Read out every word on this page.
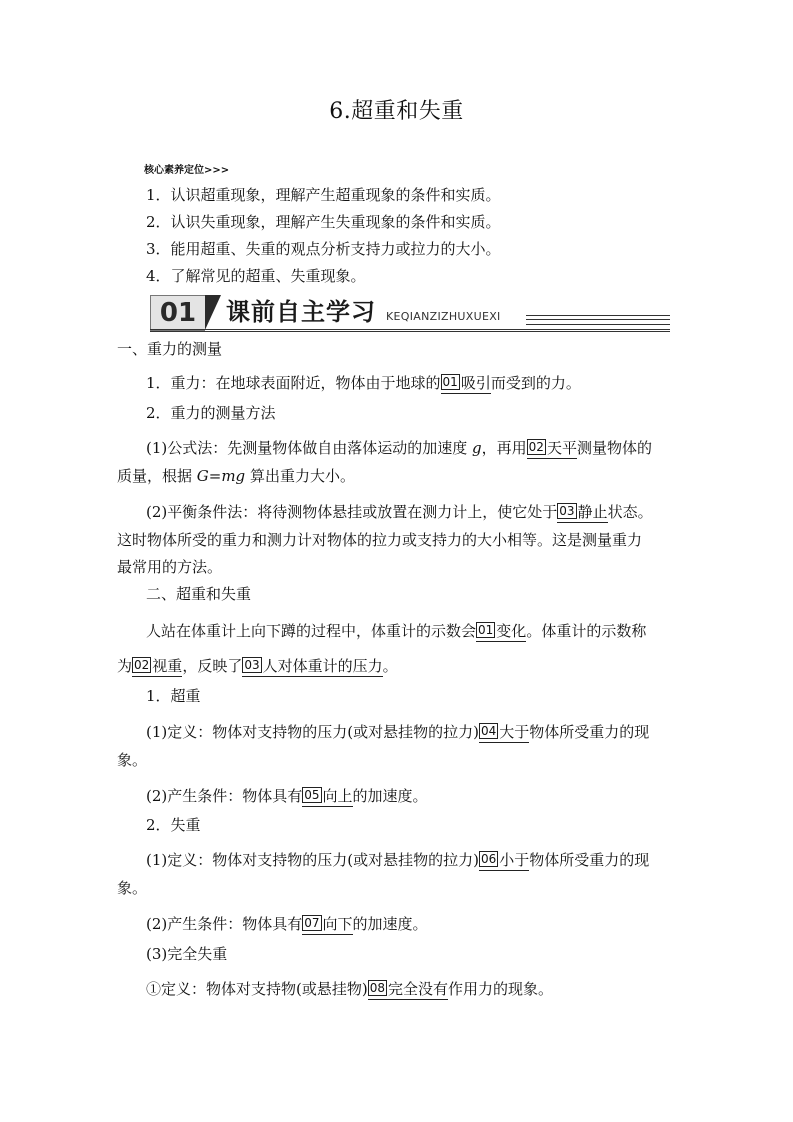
6.超重和失重
核心素养定位>>>
1．认识超重现象，理解产生超重现象的条件和实质。
2．认识失重现象，理解产生失重现象的条件和实质。
3．能用超重、失重的观点分析支持力或拉力的大小。
4．了解常见的超重、失重现象。
01	课前自主学习 KEQIANZIZHUXUEXI
一、重力的测量
1．重力：在地球表面附近，物体由于地球的 01 吸引而受到的力。
2．重力的测量方法
(1)公式法：先测量物体做自由落体运动的加速度 g，再用 02 天平测量物体的
质量，根据 G=mg 算出重力大小。
(2)平衡条件法：将待测物体悬挂或放置在测力计上，使它处于 03 静止状态。
这时物体所受的重力和测力计对物体的拉力或支持力的大小相等。这是测量重力
最常用的方法。
二、超重和失重
人站在体重计上向下蹲的过程中，体重计的示数会 01 变化。体重计的示数称
为 02 视重，反映了 03 人对体重计的压力。
1．超重
(1)定义：物体对支持物的压力(或对悬挂物的拉力) 04 大于物体所受重力的现
象。
(2)产生条件：物体具有 05 向上的加速度。
2．失重
(1)定义：物体对支持物的压力(或对悬挂物的拉力) 06 小于物体所受重力的现
象。
(2)产生条件：物体具有 07 向下的加速度。
(3)完全失重
①定义：物体对支持物(或悬挂物) 08 完全没有作用力的现象。
